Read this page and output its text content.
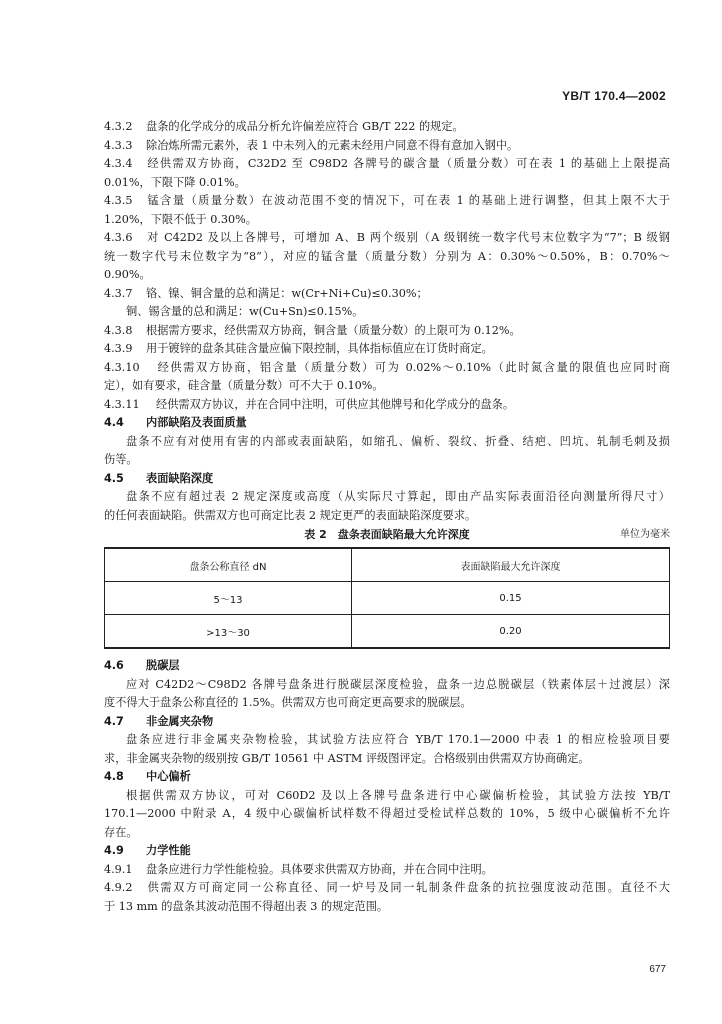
YB/T 170.4—2002
4.3.2 盘条的化学成分的成品分析允许偏差应符合 GB/T 222 的规定。
4.3.3 除冶炼所需元素外，表 1 中未列入的元素未经用户同意不得有意加入钢中。
4.3.4 经供需双方协商，C32D2 至 C98D2 各牌号的碳含量（质量分数）可在表 1 的基础上上限提高
0.01%，下限下降 0.01%。
4.3.5 锰含量（质量分数）在波动范围不变的情况下，可在表 1 的基础上进行调整，但其上限不大于
1.20%，下限不低于 0.30%。
4.3.6 对 C42D2 及以上各牌号，可增加 A、B 两个级别（A 级钢统一数字代号末位数字为“7”；B 级钢
统一数字代号末位数字为“8”），对应的锰含量（质量分数）分别为 A：0.30%～0.50%，B：0.70%～
0.90%。
4.3.7 铬、镍、铜含量的总和满足：w(Cr+Ni+Cu)≤0.30%；
铜、锡含量的总和满足：w(Cu+Sn)≤0.15%。
4.3.8 根据需方要求，经供需双方协商，铜含量（质量分数）的上限可为 0.12%。
4.3.9 用于镀锌的盘条其硅含量应偏下限控制，具体指标值应在订货时商定。
4.3.10 经供需双方协商，铝含量（质量分数）可为 0.02%～0.10%（此时氮含量的限值也应同时商
定），如有要求，硅含量（质量分数）可不大于 0.10%。
4.3.11 经供需双方协议，并在合同中注明，可供应其他牌号和化学成分的盘条。
4.4 内部缺陷及表面质量
盘条不应有对使用有害的内部或表面缺陷，如缩孔、偏析、裂纹、折叠、结疤、凹坑、轧制毛刺及损
伤等。
4.5 表面缺陷深度
盘条不应有超过表 2 规定深度或高度（从实际尺寸算起，即由产品实际表面沿径向测量所得尺寸）
的任何表面缺陷。供需双方也可商定比表 2 规定更严的表面缺陷深度要求。
表 2　盘条表面缺陷最大允许深度	单位为毫米
盘条公称直径 dN	表面缺陷最大允许深度
5～13	0.15
>13～30	0.20
4.6 脱碳层
应对 C42D2～C98D2 各牌号盘条进行脱碳层深度检验，盘条一边总脱碳层（铁素体层＋过渡层）深
度不得大于盘条公称直径的 1.5%。供需双方也可商定更高要求的脱碳层。
4.7 非金属夹杂物
盘条应进行非金属夹杂物检验，其试验方法应符合 YB/T 170.1—2000 中表 1 的相应检验项目要
求，非金属夹杂物的级别按 GB/T 10561 中 ASTM 评级图评定。合格级别由供需双方协商确定。
4.8 中心偏析
根据供需双方协议，可对 C60D2 及以上各牌号盘条进行中心碳偏析检验，其试验方法按 YB/T
170.1—2000 中附录 A，4 级中心碳偏析试样数不得超过受检试样总数的 10%，5 级中心碳偏析不允许
存在。
4.9 力学性能
4.9.1 盘条应进行力学性能检验。具体要求供需双方协商，并在合同中注明。
4.9.2 供需双方可商定同一公称直径、同一炉号及同一轧制条件盘条的抗拉强度波动范围。直径不大
于 13 mm 的盘条其波动范围不得超出表 3 的规定范围。
677
